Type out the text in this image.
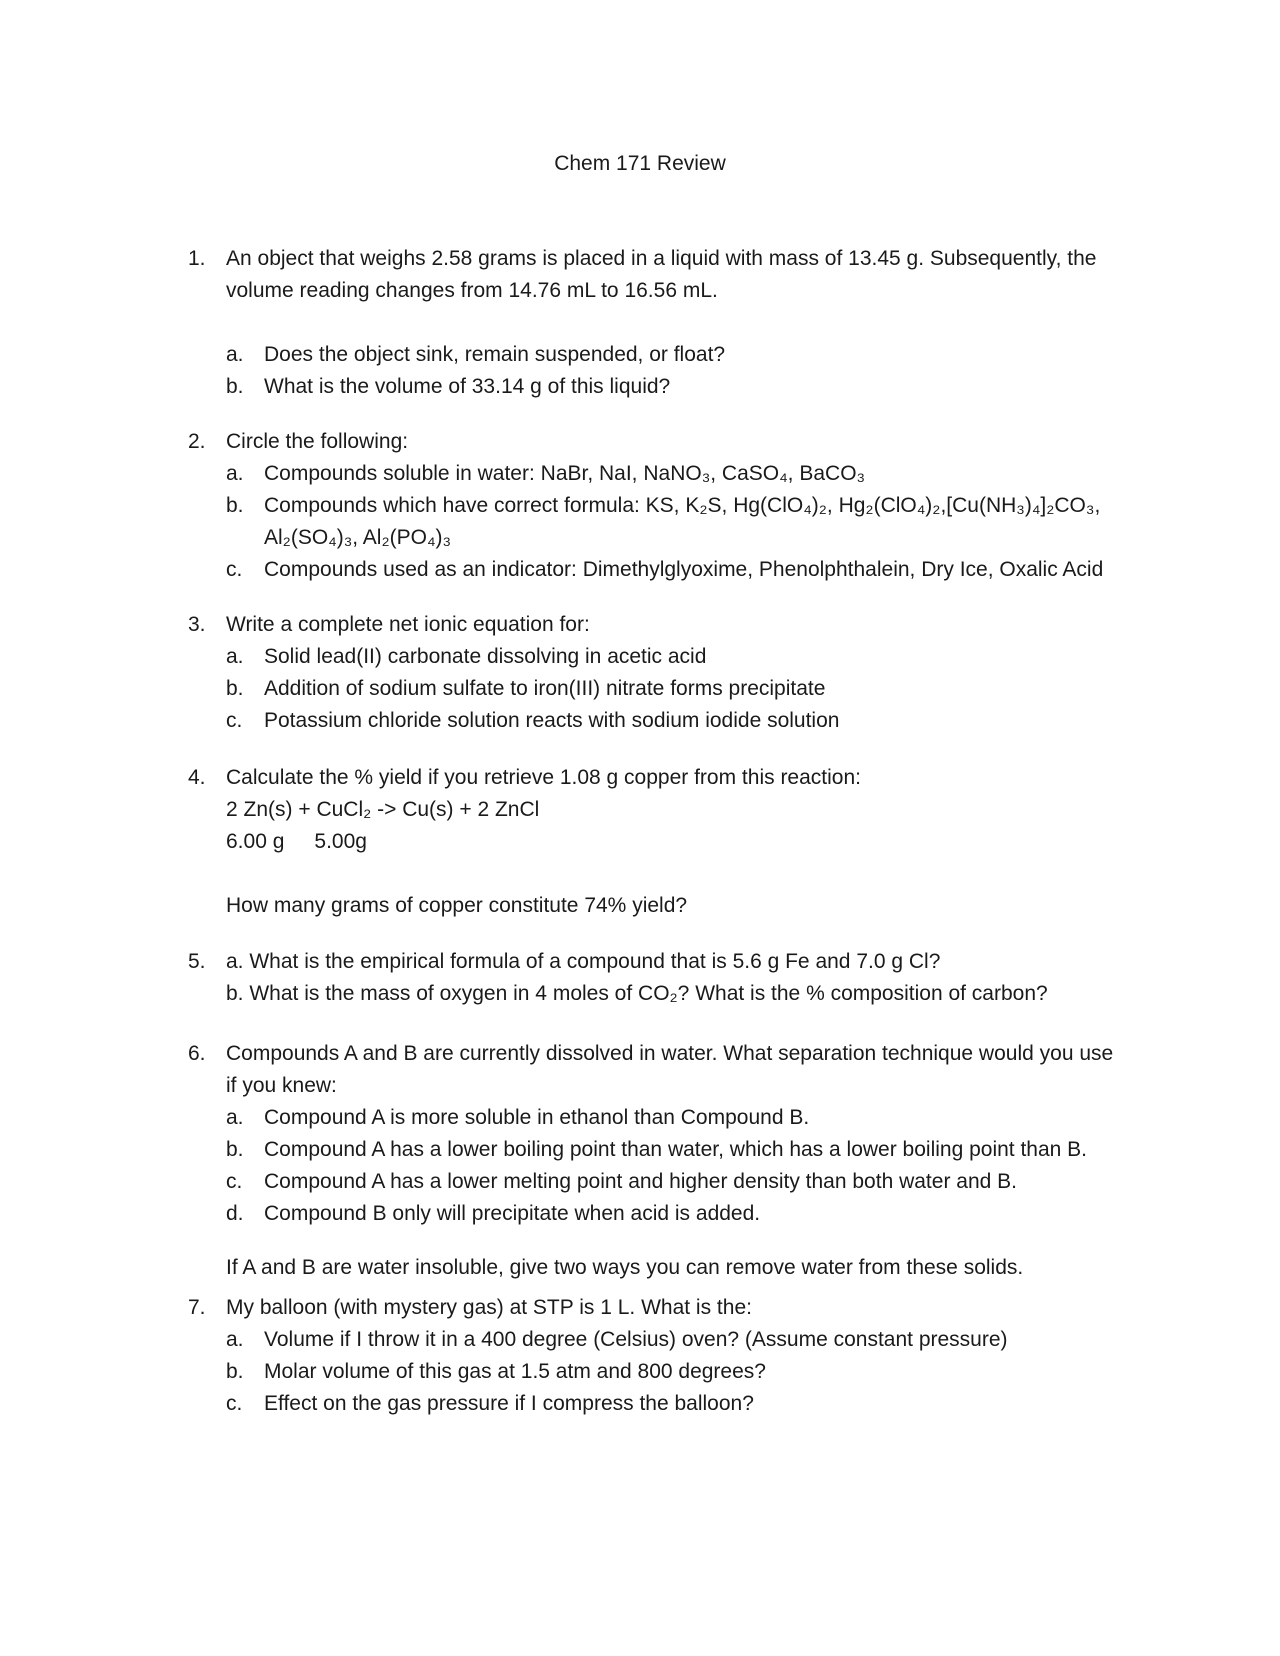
Chem 171 Review
1. An object that weighs 2.58 grams is placed in a liquid with mass of 13.45 g. Subsequently, the
volume reading changes from 14.76 mL to 16.56 mL.
a. Does the object sink, remain suspended, or float?
b. What is the volume of 33.14 g of this liquid?
2. Circle the following:
a. Compounds soluble in water: NaBr, NaI, NaNO₃, CaSO₄, BaCO₃
b. Compounds which have correct formula: KS, K₂S, Hg(ClO₄)₂, Hg₂(ClO₄)₂,[Cu(NH₃)₄]₂CO₃,
Al₂(SO₄)₃, Al₂(PO₄)₃
c. Compounds used as an indicator: Dimethylglyoxime, Phenolphthalein, Dry Ice, Oxalic Acid
3. Write a complete net ionic equation for:
a. Solid lead(II) carbonate dissolving in acetic acid
b. Addition of sodium sulfate to iron(III) nitrate forms precipitate
c. Potassium chloride solution reacts with sodium iodide solution
4. Calculate the % yield if you retrieve 1.08 g copper from this reaction:
2 Zn(s) + CuCl₂ -> Cu(s) + 2 ZnCl
6.00 g 5.00g
How many grams of copper constitute 74% yield?
5. a. What is the empirical formula of a compound that is 5.6 g Fe and 7.0 g Cl?
b. What is the mass of oxygen in 4 moles of CO₂? What is the % composition of carbon?
6. Compounds A and B are currently dissolved in water. What separation technique would you use
if you knew:
a. Compound A is more soluble in ethanol than Compound B.
b. Compound A has a lower boiling point than water, which has a lower boiling point than B.
c. Compound A has a lower melting point and higher density than both water and B.
d. Compound B only will precipitate when acid is added.
If A and B are water insoluble, give two ways you can remove water from these solids.
7. My balloon (with mystery gas) at STP is 1 L. What is the:
a. Volume if I throw it in a 400 degree (Celsius) oven? (Assume constant pressure)
b. Molar volume of this gas at 1.5 atm and 800 degrees?
c. Effect on the gas pressure if I compress the balloon?
